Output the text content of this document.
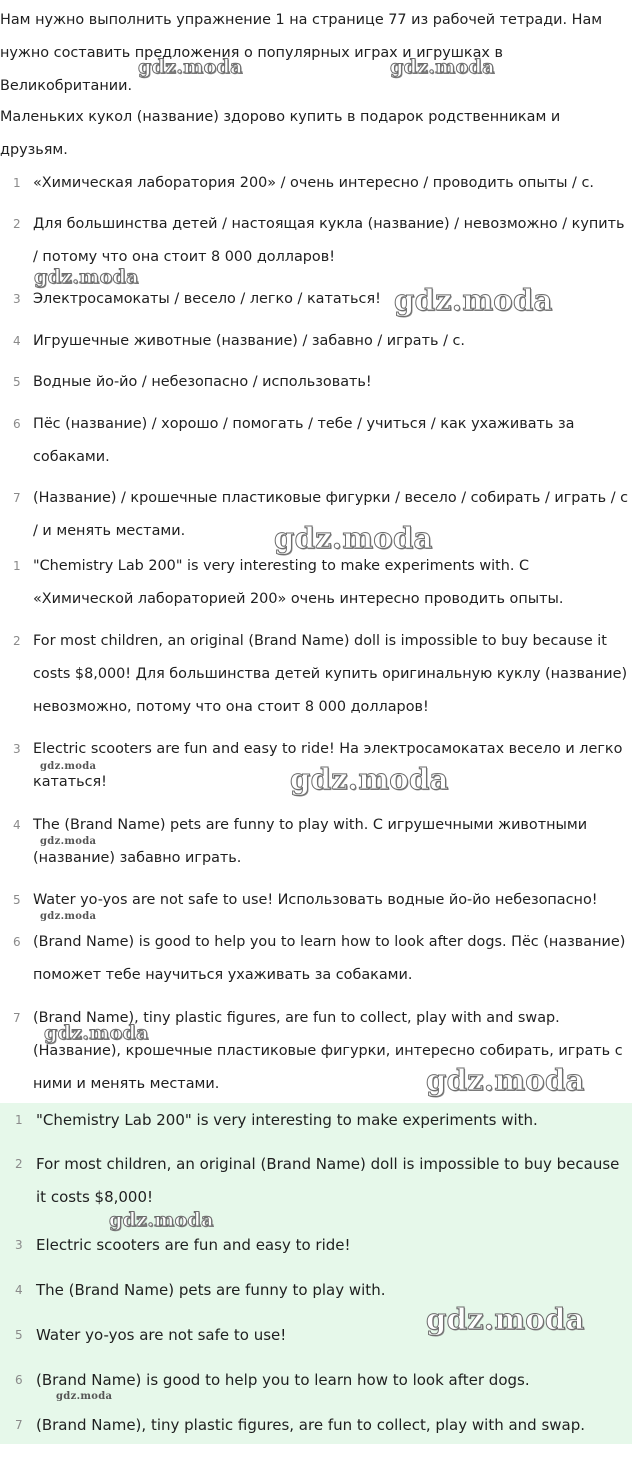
Нам нужно выполнить упражнение 1 на странице 77 из рабочей тетради. Нам нужно составить предложения о популярных играх и игрушках в Великобритании.
Маленьких кукол (название) здорово купить в подарок родственникам и друзьям.
1 «Химическая лаборатория 200» / очень интересно / проводить опыты / с.
2 Для большинства детей / настоящая кукла (название) / невозможно / купить / потому что она стоит 8 000 долларов!
3 Электросамокаты / весело / легко / кататься!
4 Игрушечные животные (название) / забавно / играть / с.
5 Водные йо-йо / небезопасно / использовать!
6 Пёс (название) / хорошо / помогать / тебе / учиться / как ухаживать за собаками.
7 (Название) / крошечные пластиковые фигурки / весело / собирать / играть / с / и менять местами.
1 "Chemistry Lab 200" is very interesting to make experiments with. С «Химической лабораторией 200» очень интересно проводить опыты.
2 For most children, an original (Brand Name) doll is impossible to buy because it costs $8,000! Для большинства детей купить оригинальную куклу (название) невозможно, потому что она стоит 8 000 долларов!
3 Electric scooters are fun and easy to ride! На электросамокатах весело и легко кататься!
4 The (Brand Name) pets are funny to play with. С игрушечными животными (название) забавно играть.
5 Water yo-yos are not safe to use! Использовать водные йо-йо небезопасно!
6 (Brand Name) is good to help you to learn how to look after dogs. Пёс (название) поможет тебе научиться ухаживать за собаками.
7 (Brand Name), tiny plastic figures, are fun to collect, play with and swap. (Название), крошечные пластиковые фигурки, интересно собирать, играть с ними и менять местами.
1 "Chemistry Lab 200" is very interesting to make experiments with.
2 For most children, an original (Brand Name) doll is impossible to buy because it costs $8,000!
3 Electric scooters are fun and easy to ride!
4 The (Brand Name) pets are funny to play with.
5 Water yo-yos are not safe to use!
6 (Brand Name) is good to help you to learn how to look after dogs.
7 (Brand Name), tiny plastic figures, are fun to collect, play with and swap.
gdz.moda	gdz.moda
gdz.moda
gdz.moda
gdz.moda
gdz.moda	gdz.moda
gdz.moda
gdz.moda
gdz.moda
gdz.moda
gdz.moda
gdz.moda
gdz.moda
